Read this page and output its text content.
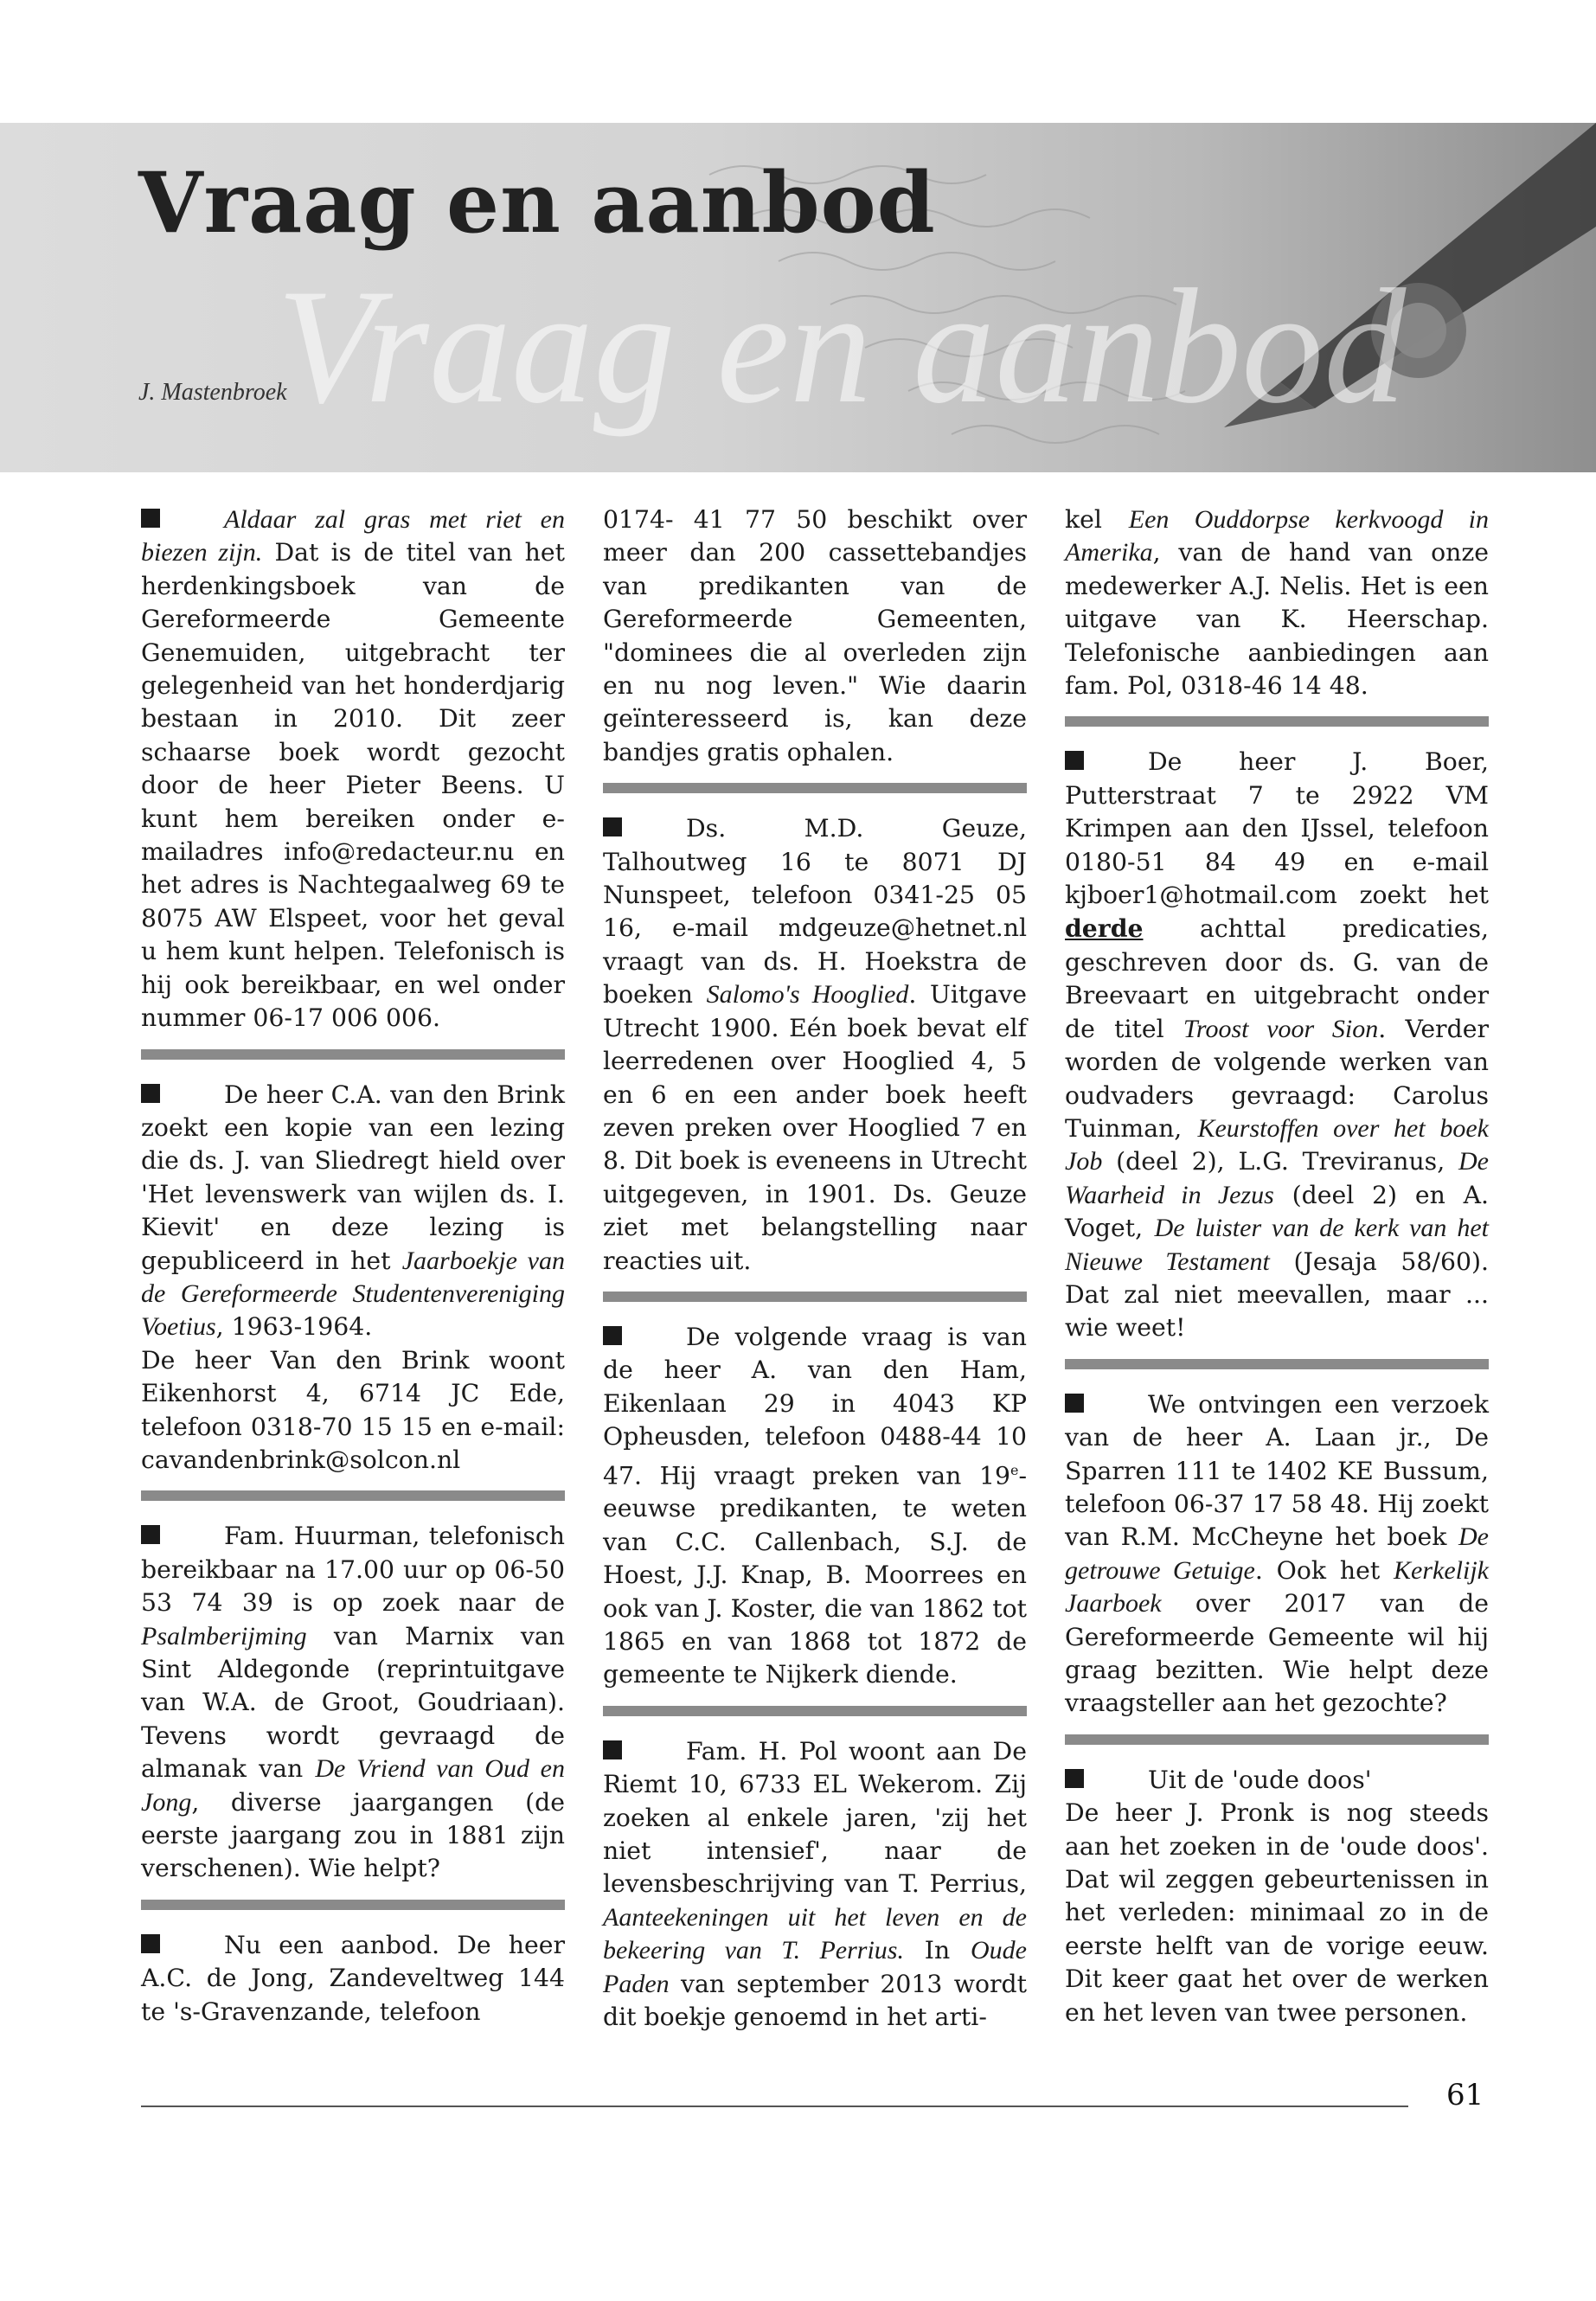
Vraag en aanbod
Vraag en aanbod

J. Mastenbroek

Aldaar zal gras met riet en biezen zijn. Dat is de titel van het herdenkingsboek van de Gereformeerde Gemeente Genemuiden, uitgebracht ter gelegenheid van het honderdjarig bestaan in 2010. Dit zeer schaarse boek wordt gezocht door de heer Pieter Beens. U kunt hem bereiken onder e-mailadres info@redacteur.nu en het adres is Nachtegaalweg 69 te 8075 AW Elspeet, voor het geval u hem kunt helpen. Telefonisch is hij ook bereikbaar, en wel onder nummer 06-17 006 006.

De heer C.A. van den Brink zoekt een kopie van een lezing die ds. J. van Sliedregt hield over 'Het levenswerk van wijlen ds. I. Kievit' en deze lezing is gepubliceerd in het Jaarboekje van de Gereformeerde Studentenvereniging Voetius, 1963-1964.
De heer Van den Brink woont Eikenhorst 4, 6714 JC Ede, telefoon 0318-70 15 15 en e-mail: cavandenbrink@solcon.nl

Fam. Huurman, telefonisch bereikbaar na 17.00 uur op 06-50 53 74 39 is op zoek naar de Psalmberijming van Marnix van Sint Aldegonde (reprintuitgave van W.A. de Groot, Goudriaan). Tevens wordt gevraagd de almanak van De Vriend van Oud en Jong, diverse jaargangen (de eerste jaargang zou in 1881 zijn verschenen). Wie helpt?

Nu een aanbod. De heer A.C. de Jong, Zandeveltweg 144 te 's-Gravenzande, telefoon

0174- 41 77 50 beschikt over meer dan 200 cassettebandjes van predikanten van de Gereformeerde Gemeenten, "dominees die al overleden zijn en nu nog leven." Wie daarin geïnteresseerd is, kan deze bandjes gratis ophalen.

Ds. M.D. Geuze, Talhoutweg 16 te 8071 DJ Nunspeet, telefoon 0341-25 05 16, e-mail mdgeuze@hetnet.nl vraagt van ds. H. Hoekstra de boeken Salomo's Hooglied. Uitgave Utrecht 1900. Eén boek bevat elf leerredenen over Hooglied 4, 5 en 6 en een ander boek heeft zeven preken over Hooglied 7 en 8. Dit boek is eveneens in Utrecht uitgegeven, in 1901. Ds. Geuze ziet met belangstelling naar reacties uit.

De volgende vraag is van de heer A. van den Ham, Eikenlaan 29 in 4043 KP Opheusden, telefoon 0488-44 10 47. Hij vraagt preken van 19e-eeuwse predikanten, te weten van C.C. Callenbach, S.J. de Hoest, J.J. Knap, B. Moorrees en ook van J. Koster, die van 1862 tot 1865 en van 1868 tot 1872 de gemeente te Nijkerk diende.

Fam. H. Pol woont aan De Riemt 10, 6733 EL Wekerom. Zij zoeken al enkele jaren, 'zij het niet intensief', naar de levensbeschrijving van T. Perrius, Aanteekeningen uit het leven en de bekeering van T. Perrius. In Oude Paden van september 2013 wordt dit boekje genoemd in het arti-

kel Een Ouddorpse kerkvoogd in Amerika, van de hand van onze medewerker A.J. Nelis. Het is een uitgave van K. Heerschap. Telefonische aanbiedingen aan fam. Pol, 0318-46 14 48.

De heer J. Boer, Putterstraat 7 te 2922 VM Krimpen aan den IJssel, telefoon 0180-51 84 49 en e-mail kjboer1@hotmail.com zoekt het derde achttal predicaties, geschreven door ds. G. van de Breevaart en uitgebracht onder de titel Troost voor Sion. Verder worden de volgende werken van oudvaders gevraagd: Carolus Tuinman, Keurstoffen over het boek Job (deel 2), L.G. Treviranus, De Waarheid in Jezus (deel 2) en A. Voget, De luister van de kerk van het Nieuwe Testament (Jesaja 58/60). Dat zal niet meevallen, maar ... wie weet!

We ontvingen een verzoek van de heer A. Laan jr., De Sparren 111 te 1402 KE Bussum, telefoon 06-37 17 58 48. Hij zoekt van R.M. McCheyne het boek De getrouwe Getuige. Ook het Kerkelijk Jaarboek over 2017 van de Gereformeerde Gemeente wil hij graag bezitten. Wie helpt deze vraagsteller aan het gezochte?

Uit de 'oude doos'
De heer J. Pronk is nog steeds aan het zoeken in de 'oude doos'. Dat wil zeggen gebeurtenissen in het verleden: minimaal zo in de eerste helft van de vorige eeuw. Dit keer gaat het over de werken en het leven van twee personen.

61
